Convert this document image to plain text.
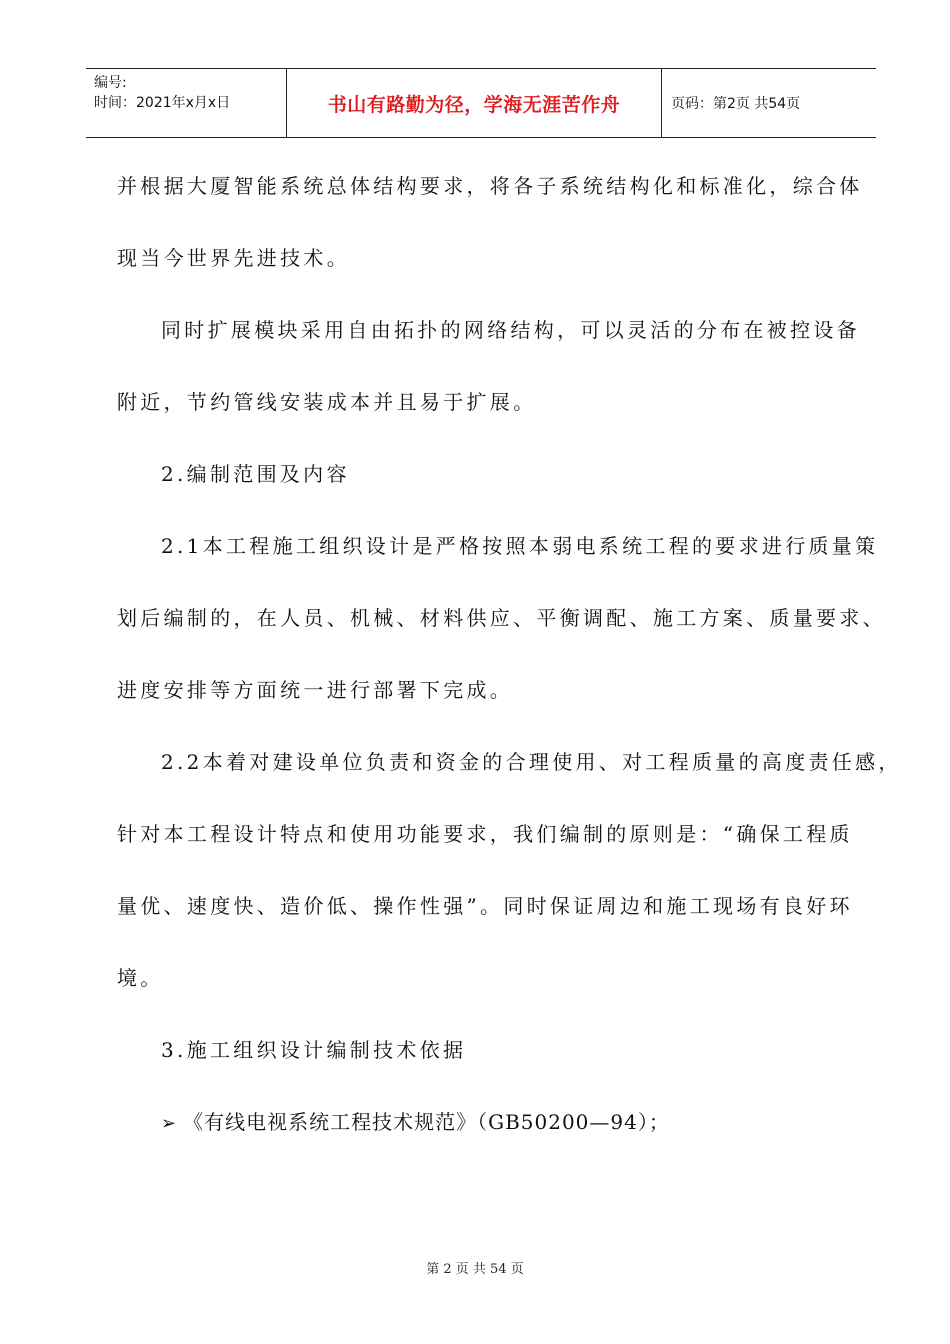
编号:
时间：2021年x月x日	书山有路勤为径，学海无涯苦作舟	页码：第2页 共54页

并根据大厦智能系统总体结构要求，将各子系统结构化和标准化，综合体

现当今世界先进技术。

同时扩展模块采用自由拓扑的网络结构，可以灵活的分布在被控设备

附近，节约管线安装成本并且易于扩展。

2.编制范围及内容

2.1本工程施工组织设计是严格按照本弱电系统工程的要求进行质量策

划后编制的，在人员、机械、材料供应、平衡调配、施工方案、质量要求、

进度安排等方面统一进行部署下完成。

2.2本着对建设单位负责和资金的合理使用、对工程质量的高度责任感，

针对本工程设计特点和使用功能要求，我们编制的原则是：“确保工程质

量优、速度快、造价低、操作性强”。同时保证周边和施工现场有良好环

境。

3.施工组织设计编制技术依据

➢ 《有线电视系统工程技术规范》（GB50200—94）；

第 2 页 共 54 页
